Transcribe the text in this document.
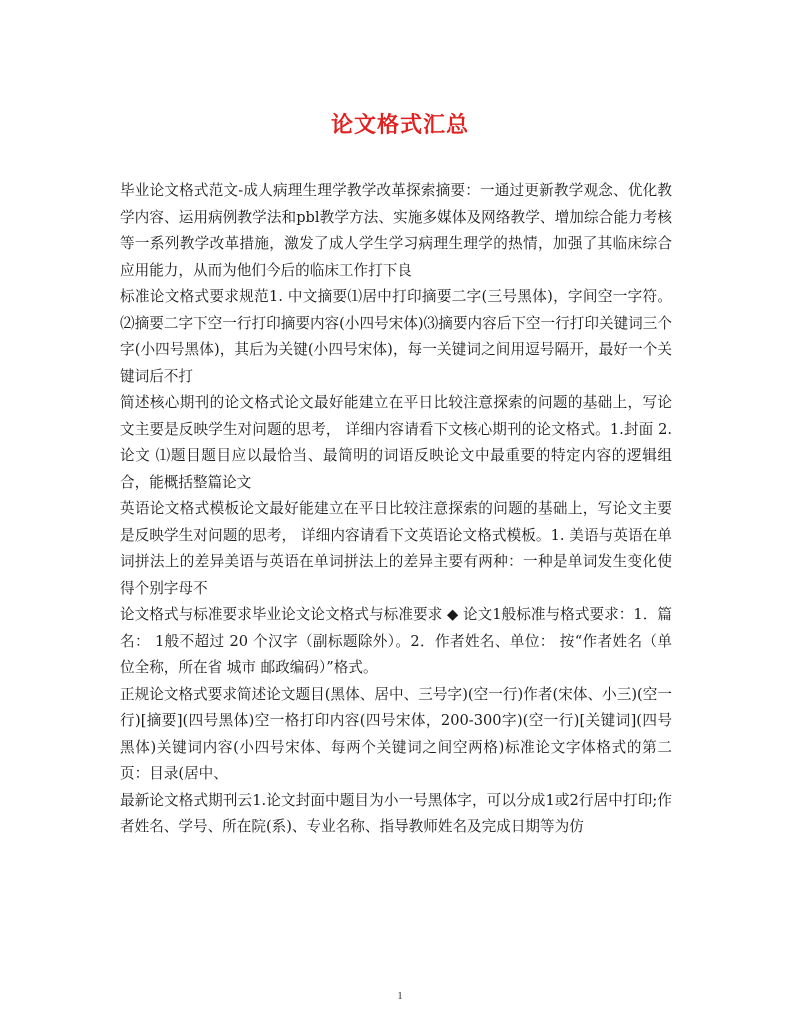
论文格式汇总

毕业论文格式范文-成人病理生理学教学改革探索摘要：一通过更新教学观念、优化教学内容、运用病例教学法和pbl教学方法、实施多媒体及网络教学、增加综合能力考核等一系列教学改革措施，激发了成人学生学习病理生理学的热情，加强了其临床综合应用能力，从而为他们今后的临床工作打下良

标准论文格式要求规范1. 中文摘要⑴居中打印摘要二字(三号黑体)，字间空一字符。⑵摘要二字下空一行打印摘要内容(小四号宋体)⑶摘要内容后下空一行打印关键词三个字(小四号黑体)，其后为关键(小四号宋体)，每一关键词之间用逗号隔开，最好一个关键词后不打

简述核心期刊的论文格式论文最好能建立在平日比较注意探索的问题的基础上，写论文主要是反映学生对问题的思考， 详细内容请看下文核心期刊的论文格式。1.封面 2. 论文 ⑴题目题目应以最恰当、最简明的词语反映论文中最重要的特定内容的逻辑组合，能概括整篇论文

英语论文格式模板论文最好能建立在平日比较注意探索的问题的基础上，写论文主要是反映学生对问题的思考， 详细内容请看下文英语论文格式模板。1. 美语与英语在单词拼法上的差异美语与英语在单词拼法上的差异主要有两种：一种是单词发生变化使得个别字母不

论文格式与标准要求毕业论文论文格式与标准要求 ◆ 论文1般标准与格式要求：1．篇名： 1般不超过 20 个汉字（副标题除外）。2．作者姓名、单位： 按“作者姓名（单位全称，所在省 城市 邮政编码）”格式。

正规论文格式要求简述论文题目(黑体、居中、三号字)(空一行)作者(宋体、小三)(空一行)[摘要](四号黑体)空一格打印内容(四号宋体，200-300字)(空一行)[关键词](四号黑体)关键词内容(小四号宋体、每两个关键词之间空两格)标准论文字体格式的第二页：目录(居中、

最新论文格式期刊云1.论文封面中题目为小一号黑体字，可以分成1或2行居中打印;作者姓名、学号、所在院(系)、专业名称、指导教师姓名及完成日期等为仿

1
